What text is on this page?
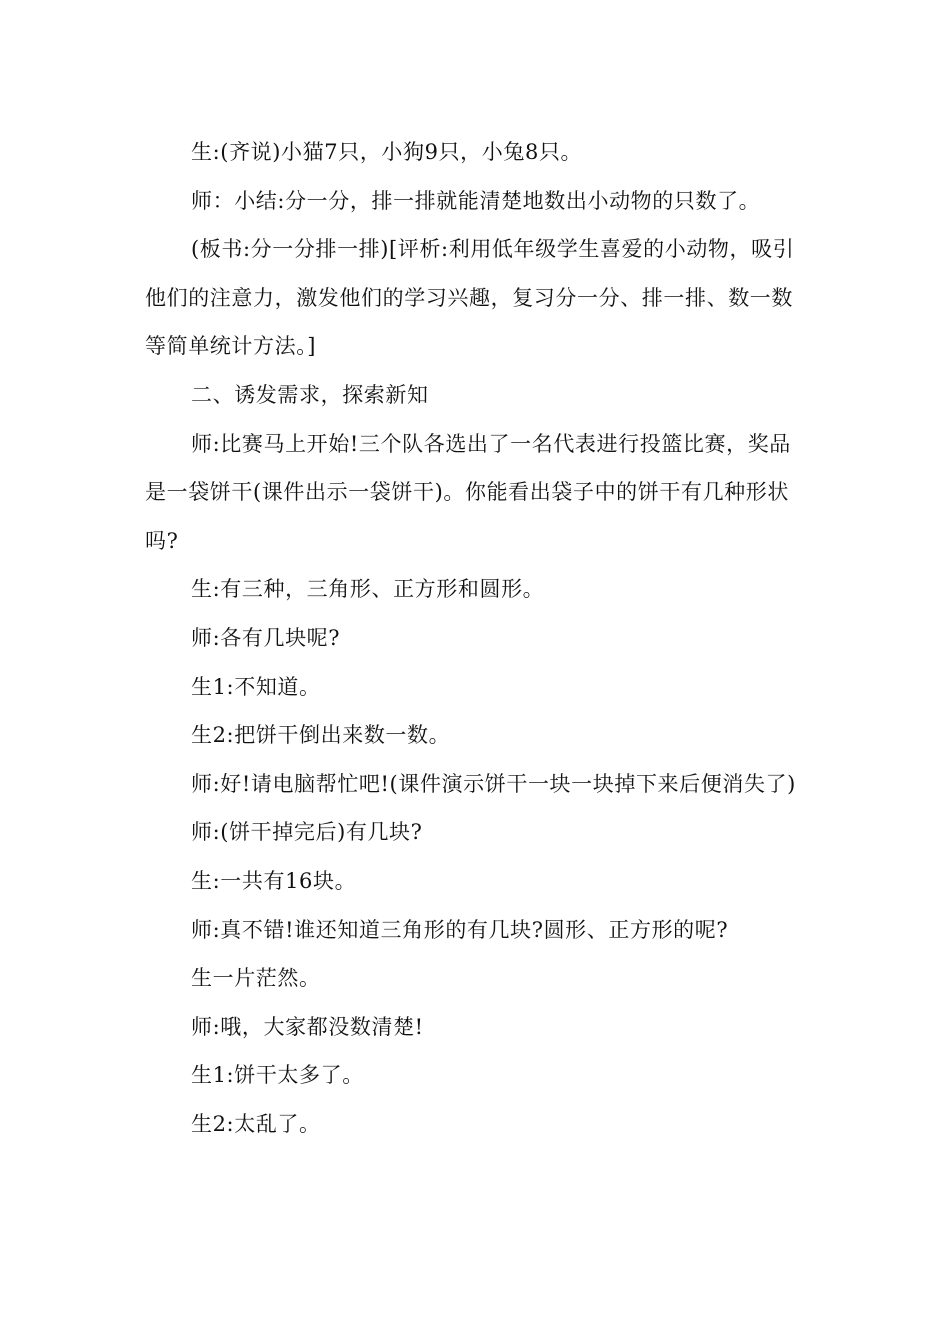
生:(齐说)小猫7只，小狗9只，小兔8只。

师：小结:分一分，排一排就能清楚地数出小动物的只数了。

(板书:分一分排一排)[评析:利用低年级学生喜爱的小动物，吸引他们的注意力，激发他们的学习兴趣，复习分一分、排一排、数一数等简单统计方法。]

二、诱发需求，探索新知

师:比赛马上开始!三个队各选出了一名代表进行投篮比赛，奖品是一袋饼干(课件出示一袋饼干)。你能看出袋子中的饼干有几种形状吗?

生:有三种，三角形、正方形和圆形。

师:各有几块呢?

生1:不知道。

生2:把饼干倒出来数一数。

师:好!请电脑帮忙吧!(课件演示饼干一块一块掉下来后便消失了)

师:(饼干掉完后)有几块?

生:一共有16块。

师:真不错!谁还知道三角形的有几块?圆形、正方形的呢?

生一片茫然。

师:哦，大家都没数清楚!

生1:饼干太多了。

生2:太乱了。
